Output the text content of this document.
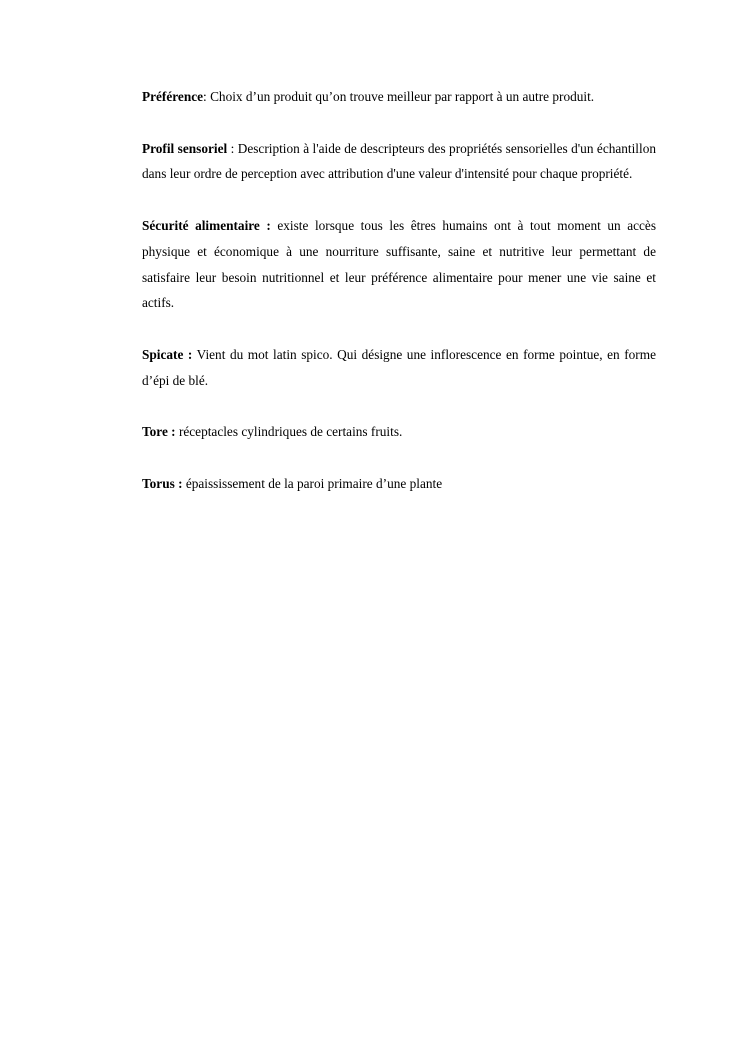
Préférence: Choix d’un produit qu’on trouve meilleur par rapport à un autre produit.

Profil sensoriel : Description à l'aide de descripteurs des propriétés sensorielles d'un échantillon dans leur ordre de perception avec attribution d'une valeur d'intensité pour chaque propriété.

Sécurité alimentaire : existe lorsque tous les êtres humains ont à tout moment un accès physique et économique à une nourriture suffisante, saine et nutritive leur permettant de satisfaire leur besoin nutritionnel et leur préférence alimentaire pour mener une vie saine et actifs.

Spicate : Vient du mot latin spico. Qui désigne une inflorescence en forme pointue, en forme d’épi de blé.

Tore : réceptacles cylindriques de certains fruits.

Torus : épaississement de la paroi primaire d’une plante
